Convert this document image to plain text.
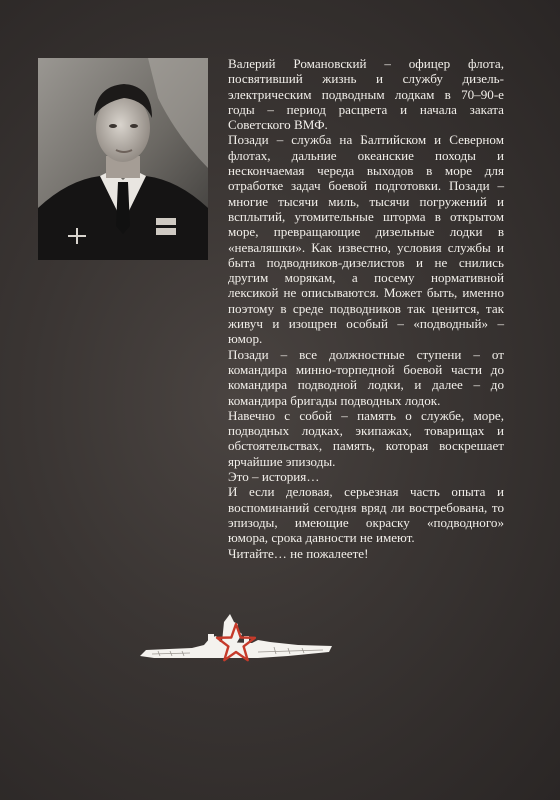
Валерий Романовский – офицер флота, посвятивший жизнь и службу дизель-электрическим подводным лодкам в 70–90-е годы – период расцвета и начала заката Советского ВМФ.

Позади – служба на Балтийском и Северном флотах, дальние океанские походы и нескончаемая череда выходов в море для отработке задач боевой подготовки. Позади – многие тысячи миль, тысячи погружений и всплытий, утомительные шторма в открытом море, превращающие дизельные лодки в «неваляшки». Как известно, условия службы и быта подводников-дизелистов и не снились другим морякам, а посему нормативной лексикой не описываются. Может быть, именно поэтому в среде подводников так ценится, так живуч и изощрен особый – «подводный» – юмор.

Позади – все должностные ступени – от командира минно-торпедной боевой части до командира подводной лодки, и далее – до командира бригады подводных лодок.

Навечно с собой – память о службе, море, подводных лодках, экипажах, товарищах и обстоятельствах, память, которая воскрешает ярчайшие эпизоды.

Это – история…

И если деловая, серьезная часть опыта и воспоминаний сегодня вряд ли востребована, то эпизоды, имеющие окраску «подводного» юмора, срока давности не имеют.

Читайте… не пожалеете!
